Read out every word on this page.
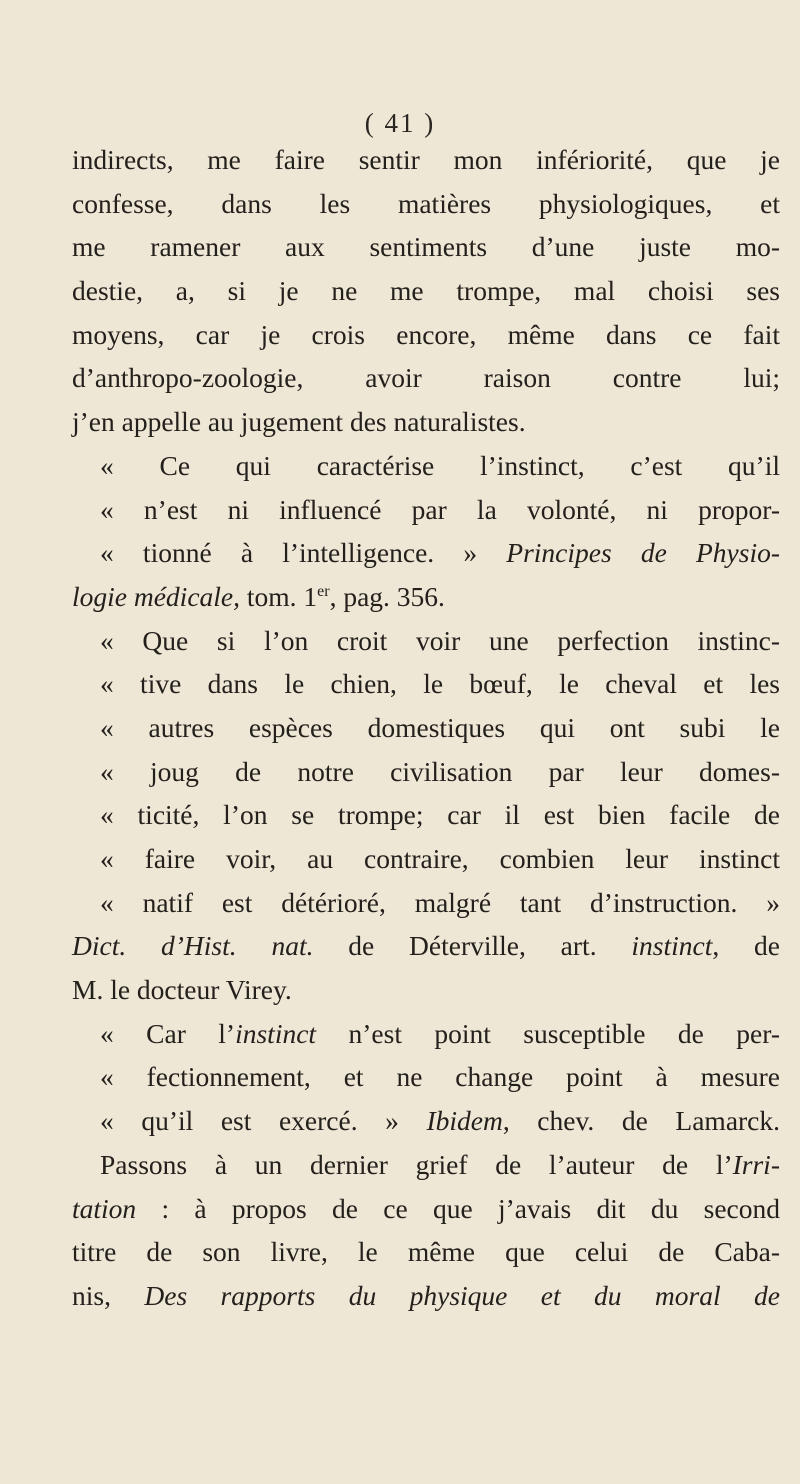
( 41 )
indirects, me faire sentir mon infériorité, que je
confesse, dans les matières physiologiques, et
me ramener aux sentiments d’une juste mo-
destie, a, si je ne me trompe, mal choisi ses
moyens, car je crois encore, même dans ce fait
d’anthropo-zoologie, avoir raison contre lui;
j’en appelle au jugement des naturalistes.
« Ce qui caractérise l’instinct, c’est qu’il
« n’est ni influencé par la volonté, ni propor-
« tionné à l’intelligence. » Principes de Physio-
logie médicale, tom. 1er, pag. 356.
« Que si l’on croit voir une perfection instinc-
« tive dans le chien, le bœuf, le cheval et les
« autres espèces domestiques qui ont subi le
« joug de notre civilisation par leur domes-
« ticité, l’on se trompe; car il est bien facile de
« faire voir, au contraire, combien leur instinct
« natif est détérioré, malgré tant d’instruction. »
Dict. d’Hist. nat. de Déterville, art. instinct, de
M. le docteur Virey.
« Car l’instinct n’est point susceptible de per-
« fectionnement, et ne change point à mesure
« qu’il est exercé. » Ibidem, chev. de Lamarck.
Passons à un dernier grief de l’auteur de l’Irri-
tation : à propos de ce que j’avais dit du second
titre de son livre, le même que celui de Caba-
nis, Des rapports du physique et du moral de
